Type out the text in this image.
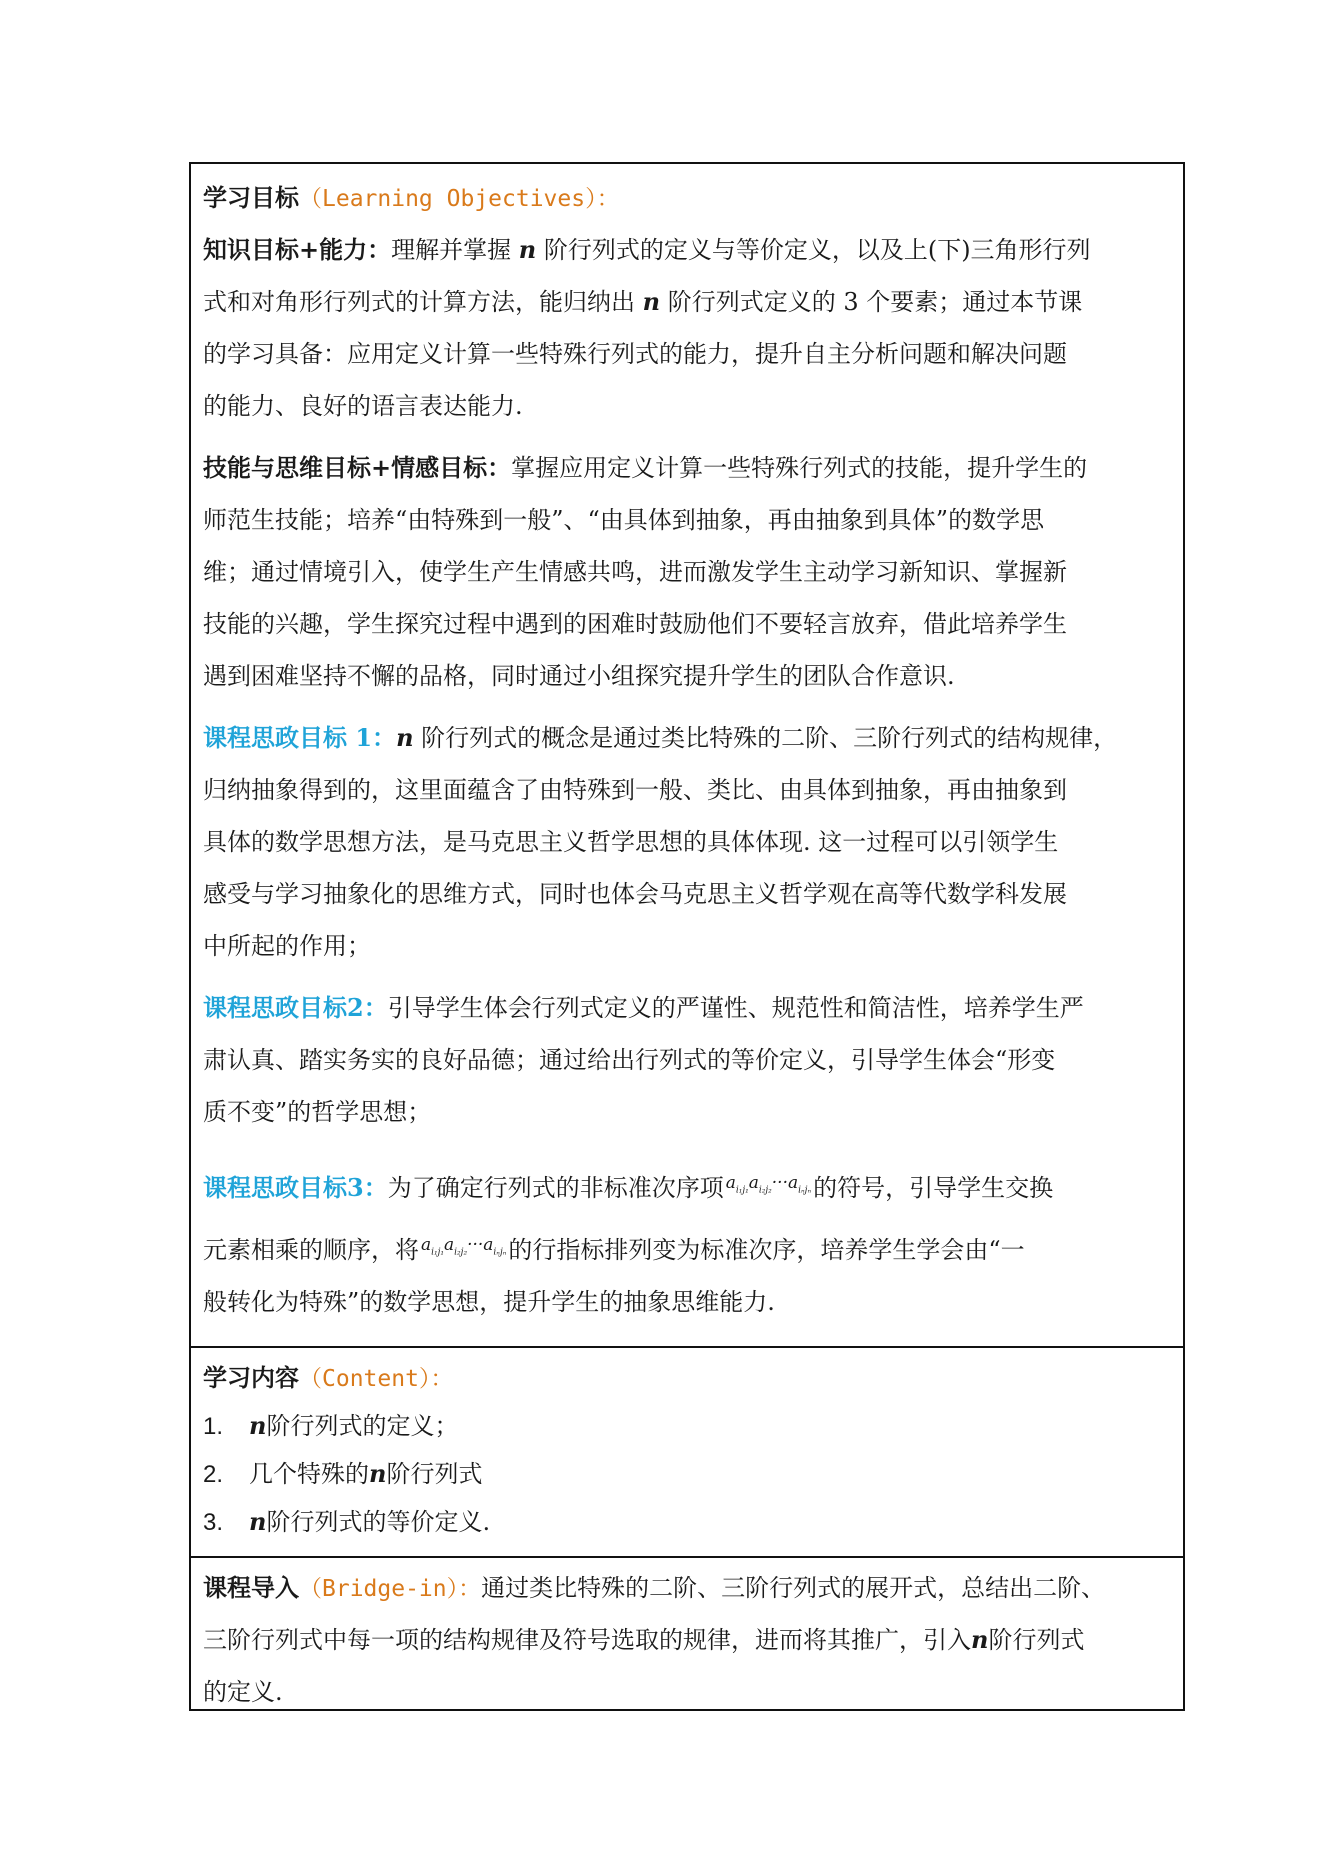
学习目标（Learning Objectives）：
知识目标+能力：理解并掌握 n 阶行列式的定义与等价定义，以及上(下)三角形行列
式和对角形行列式的计算方法，能归纳出 n 阶行列式定义的 3 个要素；通过本节课
的学习具备：应用定义计算一些特殊行列式的能力，提升自主分析问题和解决问题
的能力、良好的语言表达能力.
技能与思维目标+情感目标：掌握应用定义计算一些特殊行列式的技能，提升学生的
师范生技能；培养“由特殊到一般”、“由具体到抽象，再由抽象到具体”的数学思
维；通过情境引入，使学生产生情感共鸣，进而激发学生主动学习新知识、掌握新
技能的兴趣，学生探究过程中遇到的困难时鼓励他们不要轻言放弃，借此培养学生
遇到困难坚持不懈的品格，同时通过小组探究提升学生的团队合作意识.
课程思政目标 1：n 阶行列式的概念是通过类比特殊的二阶、三阶行列式的结构规律，
归纳抽象得到的，这里面蕴含了由特殊到一般、类比、由具体到抽象，再由抽象到
具体的数学思想方法，是马克思主义哲学思想的具体体现. 这一过程可以引领学生
感受与学习抽象化的思维方式，同时也体会马克思主义哲学观在高等代数学科发展
中所起的作用；
课程思政目标2：引导学生体会行列式定义的严谨性、规范性和简洁性，培养学生严
肃认真、踏实务实的良好品德；通过给出行列式的等价定义，引导学生体会“形变
质不变”的哲学思想；
课程思政目标3：为了确定行列式的非标准次序项 $^{a_{i_1j_1}a_{i_2j_2}\cdot\cdot\cdot a_{i_nj_n}}$的符号，引导学生交换
元素相乘的顺序，将 $^{a_{i_1j_1}a_{i_2j_2}\cdot\cdot\cdot a_{i_nj_n}}$的行指标排列变为标准次序，培养学生学会由“一
般转化为特殊”的数学思想，提升学生的抽象思维能力.
学习内容（Content）：
1. n阶行列式的定义；
2. 几个特殊的n阶行列式
3. n阶行列式的等价定义.
课程导入（Bridge-in）：通过类比特殊的二阶、三阶行列式的展开式，总结出二阶、
三阶行列式中每一项的结构规律及符号选取的规律，进而将其推广，引入n阶行列式
的定义.
